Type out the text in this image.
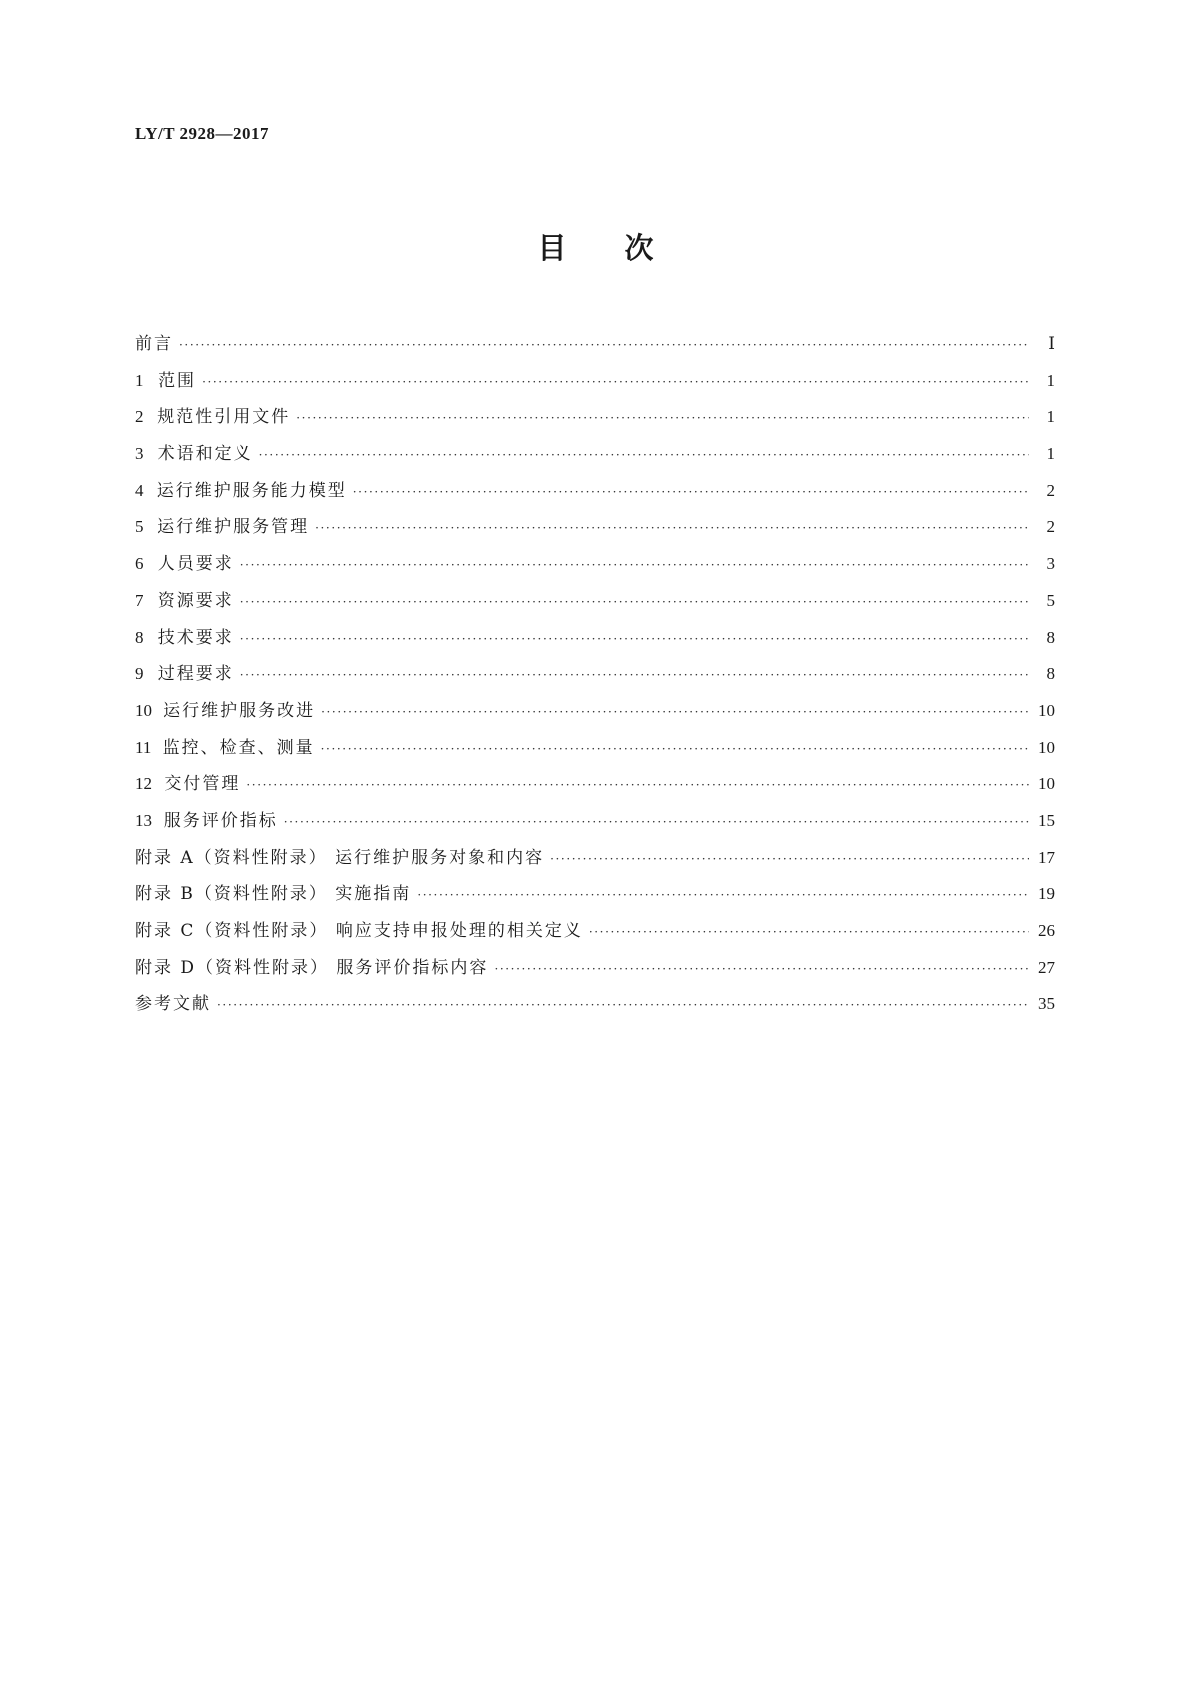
LY/T 2928—2017
目次
前言 ·····	Ⅰ
1 范围 ·····	1
2 规范性引用文件 ·····	1
3 术语和定义 ·····	1
4 运行维护服务能力模型 ·····	2
5 运行维护服务管理 ·····	2
6 人员要求 ·····	3
7 资源要求 ·····	5
8 技术要求 ·····	8
9 过程要求 ·····	8
10 运行维护服务改进 ·····	10
11 监控、检查、测量 ·····	10
12 交付管理 ·····	10
13 服务评价指标 ·····	15
附录 A（资料性附录） 运行维护服务对象和内容 ·····	17
附录 B（资料性附录） 实施指南 ·····	19
附录 C（资料性附录） 响应支持申报处理的相关定义 ·····	26
附录 D（资料性附录） 服务评价指标内容 ·····	27
参考文献 ·····	35
